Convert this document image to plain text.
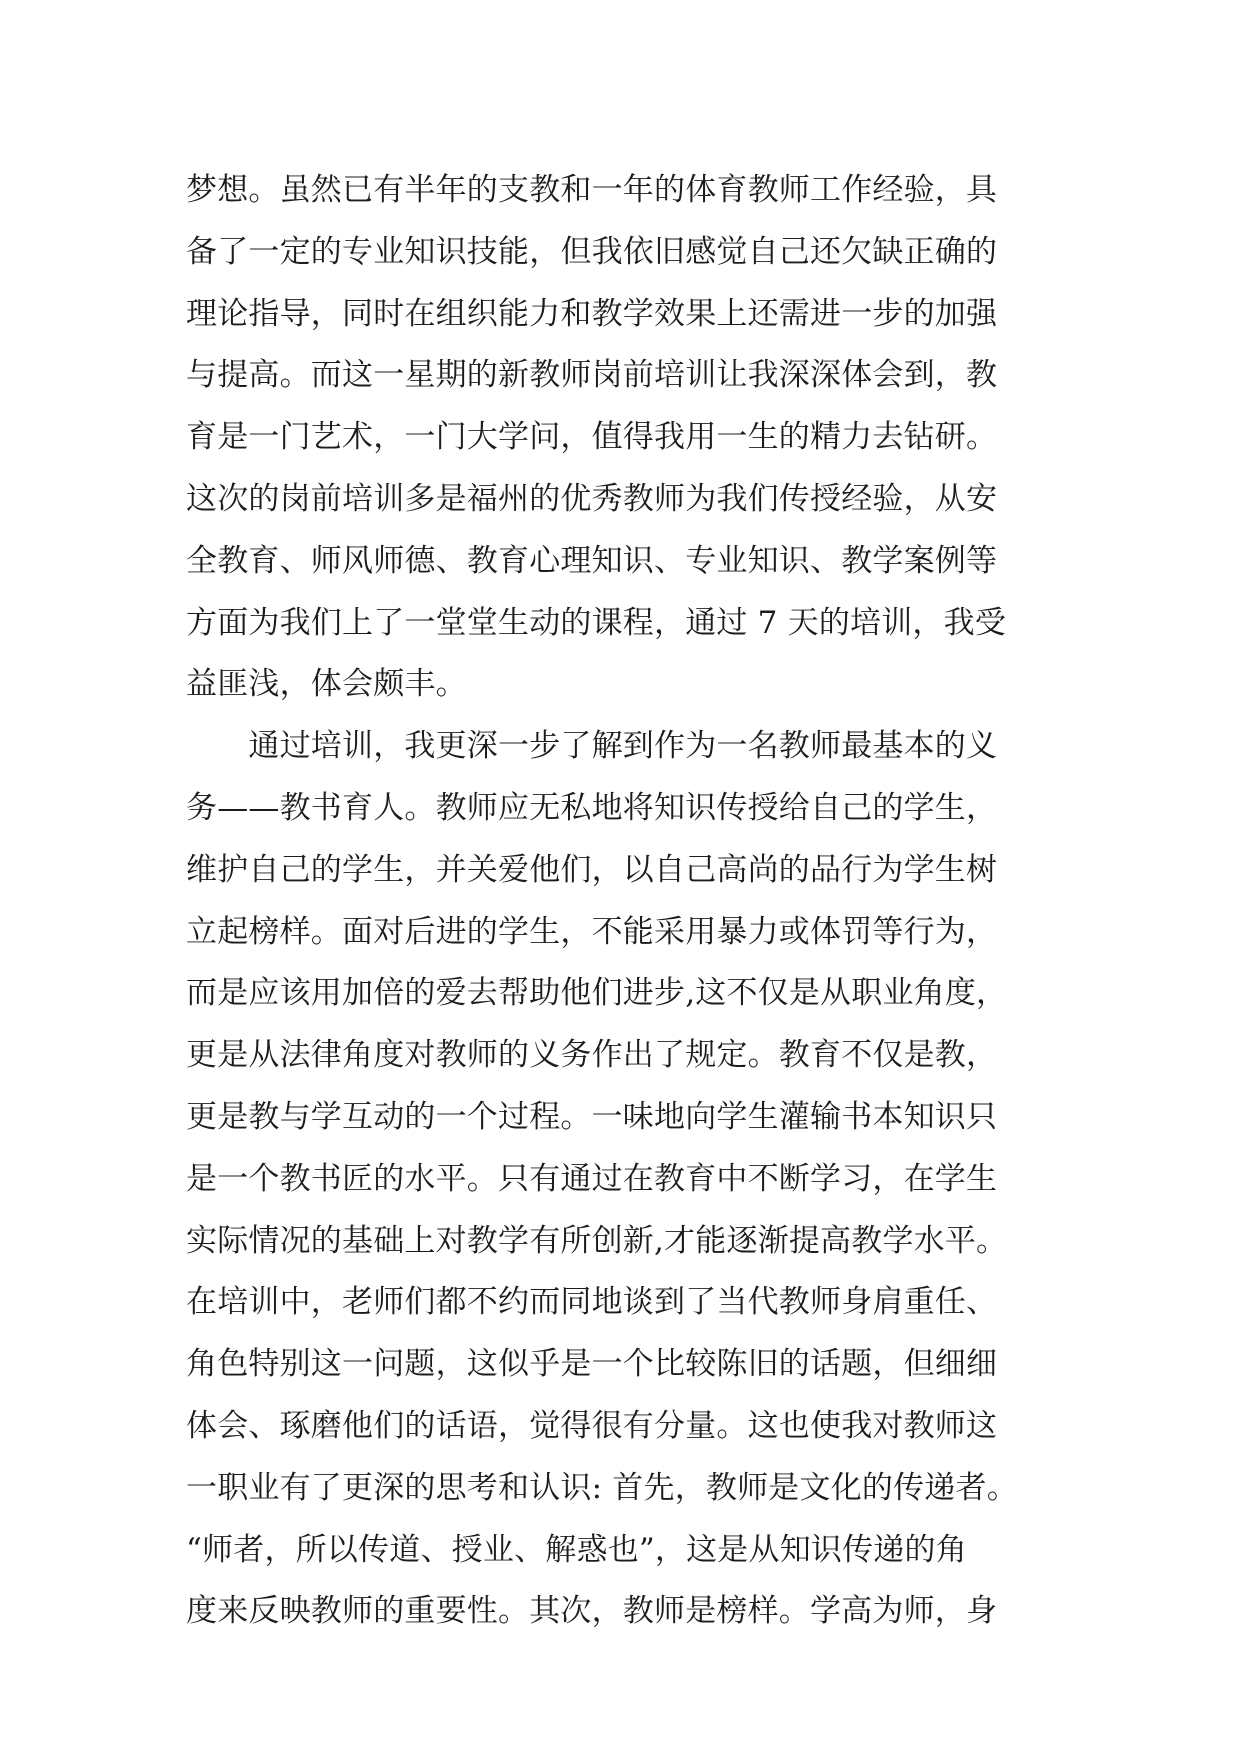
梦想。虽然已有半年的支教和一年的体育教师工作经验，具
备了一定的专业知识技能，但我依旧感觉自己还欠缺正确的
理论指导，同时在组织能力和教学效果上还需进一步的加强
与提高。而这一星期的新教师岗前培训让我深深体会到，教
育是一门艺术，一门大学问，值得我用一生的精力去钻研。
这次的岗前培训多是福州的优秀教师为我们传授经验，从安
全教育、师风师德、教育心理知识、专业知识、教学案例等
方面为我们上了一堂堂生动的课程，通过 7 天的培训，我受
益匪浅，体会颇丰。
　　通过培训，我更深一步了解到作为一名教师最基本的义
务——教书育人。教师应无私地将知识传授给自己的学生，
维护自己的学生，并关爱他们，以自己高尚的品行为学生树
立起榜样。面对后进的学生，不能采用暴力或体罚等行为，
而是应该用加倍的爱去帮助他们进步,这不仅是从职业角度，
更是从法律角度对教师的义务作出了规定。教育不仅是教，
更是教与学互动的一个过程。一味地向学生灌输书本知识只
是一个教书匠的水平。只有通过在教育中不断学习，在学生
实际情况的基础上对教学有所创新,才能逐渐提高教学水平。
在培训中，老师们都不约而同地谈到了当代教师身肩重任、
角色特别这一问题，这似乎是一个比较陈旧的话题，但细细
体会、琢磨他们的话语，觉得很有分量。这也使我对教师这
一职业有了更深的思考和认识: 首先，教师是文化的传递者。
“师者，所以传道、授业、解惑也”，这是从知识传递的角
度来反映教师的重要性。其次，教师是榜样。学高为师，身
